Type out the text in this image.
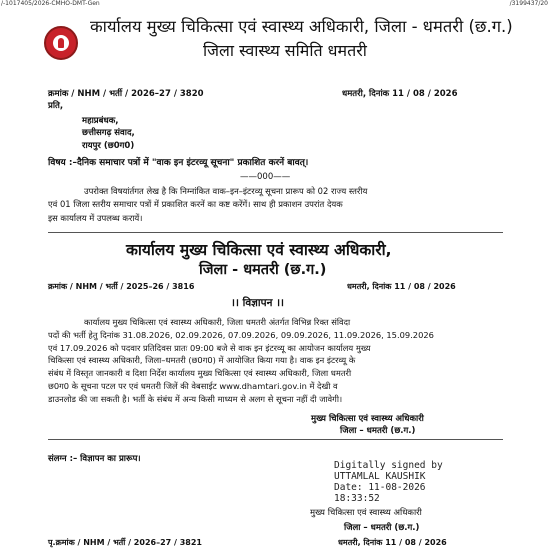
/-1017405/2026-CMHO-DMT-Gen	/3199437/20
कार्यालय मुख्य चिकित्सा एवं स्वास्थ्य अधिकारी, जिला - धमतरी (छ.ग.)
जिला स्वास्थ्य समिति धमतरी
क्रमांक / NHM / भर्ती / 2026–27 / 3820	धमतरी, दिनांक 11 / 08 / 2026
प्रति,
महाप्रबंधक,
छत्तीसगढ़ संवाद,
रायपुर (छ0ग0)
विषय :–दैनिक समाचार पत्रों में "वाक इन इंटरव्यू सूचना" प्रकाशित करनें बावत्।
——000——
उपरोक्त विषयांर्तगत लेख है कि निम्नांकित वाक–इन–इंटरव्यू सूचना प्रारूप को 02 राज्य स्तरीय
एवं 01 जिला स्तरीय समाचार पत्रों में प्रकाशित करनें का कष्ट करेंगें। साथ ही प्रकाशन उपरांत देयक
इस कार्यालय में उपलब्ध करायें।
कार्यालय मुख्य चिकित्सा एवं स्वास्थ्य अधिकारी,
जिला - धमतरी (छ.ग.)
क्रमांक / NHM / भर्ती / 2025–26 / 3816	धमतरी, दिनांक 11 / 08 / 2026
।। विज्ञापन ।।
कार्यालय मुख्य चिकित्सा एवं स्वास्थ्य अधिकारी, जिला धमतरी अंतर्गत विभिन्न रिक्त संविदा
पदों की भर्ती हेतु दिनांक 31.08.2026, 02.09.2026, 07.09.2026, 09.09.2026, 11.09.2026, 15.09.2026
एवं 17.09.2026 को पदवार प्रतिदिवस प्रातः 09:00 बजे से वाक इन इंटरव्यू का आयोजन कार्यालय मुख्य
चिकित्सा एवं स्वास्थ्य अधिकारी, जिला–धमतरी (छ0ग0) में आयोजित किया गया है। वाक इन इंटरव्यू के
संबंध में विस्तृत जानकारी व दिशा निर्देश कार्यालय मुख्य चिकित्सा एवं स्वास्थ्य अधिकारी, जिला धमतरी
छ0ग0 के सूचना पटल पर एवं धमतरी जिलें की वेबसाईट www.dhamtari.gov.in में देखी व
डाउनलोड की जा सकती है। भर्ती के संबंध में अन्य किसी माध्यम से अलग से सूचना नहीं दी जावेगी।
मुख्य चिकित्सा एवं स्वास्थ्य अधिकारी
जिला – धमतरी (छ.ग.)
संलग्न :– विज्ञापन का प्रारूप।
Digitally signed by
UTTAMLAL KAUSHIK
Date: 11-08-2026
18:33:52
मुख्य चिकित्सा एवं स्वास्थ्य अधिकारी
जिला – धमतरी (छ.ग.)
पृ.क्रमांक / NHM / भर्ती / 2026–27 / 3821	धमतरी, दिनांक 11 / 08 / 2026
